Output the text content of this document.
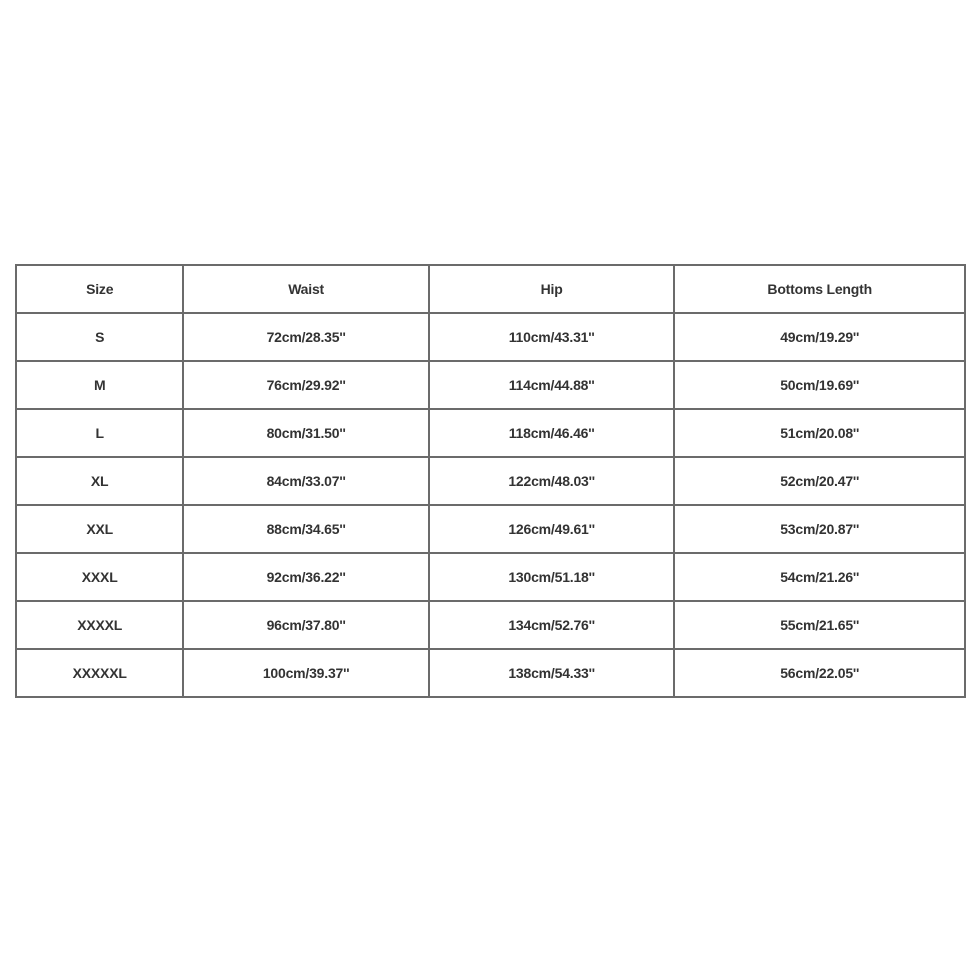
Size	Waist	Hip	Bottoms Length
S	72cm/28.35''	110cm/43.31''	49cm/19.29''
M	76cm/29.92''	114cm/44.88''	50cm/19.69''
L	80cm/31.50''	118cm/46.46''	51cm/20.08''
XL	84cm/33.07''	122cm/48.03''	52cm/20.47''
XXL	88cm/34.65''	126cm/49.61''	53cm/20.87''
XXXL	92cm/36.22''	130cm/51.18''	54cm/21.26''
XXXXL	96cm/37.80''	134cm/52.76''	55cm/21.65''
XXXXXL	100cm/39.37''	138cm/54.33''	56cm/22.05''
